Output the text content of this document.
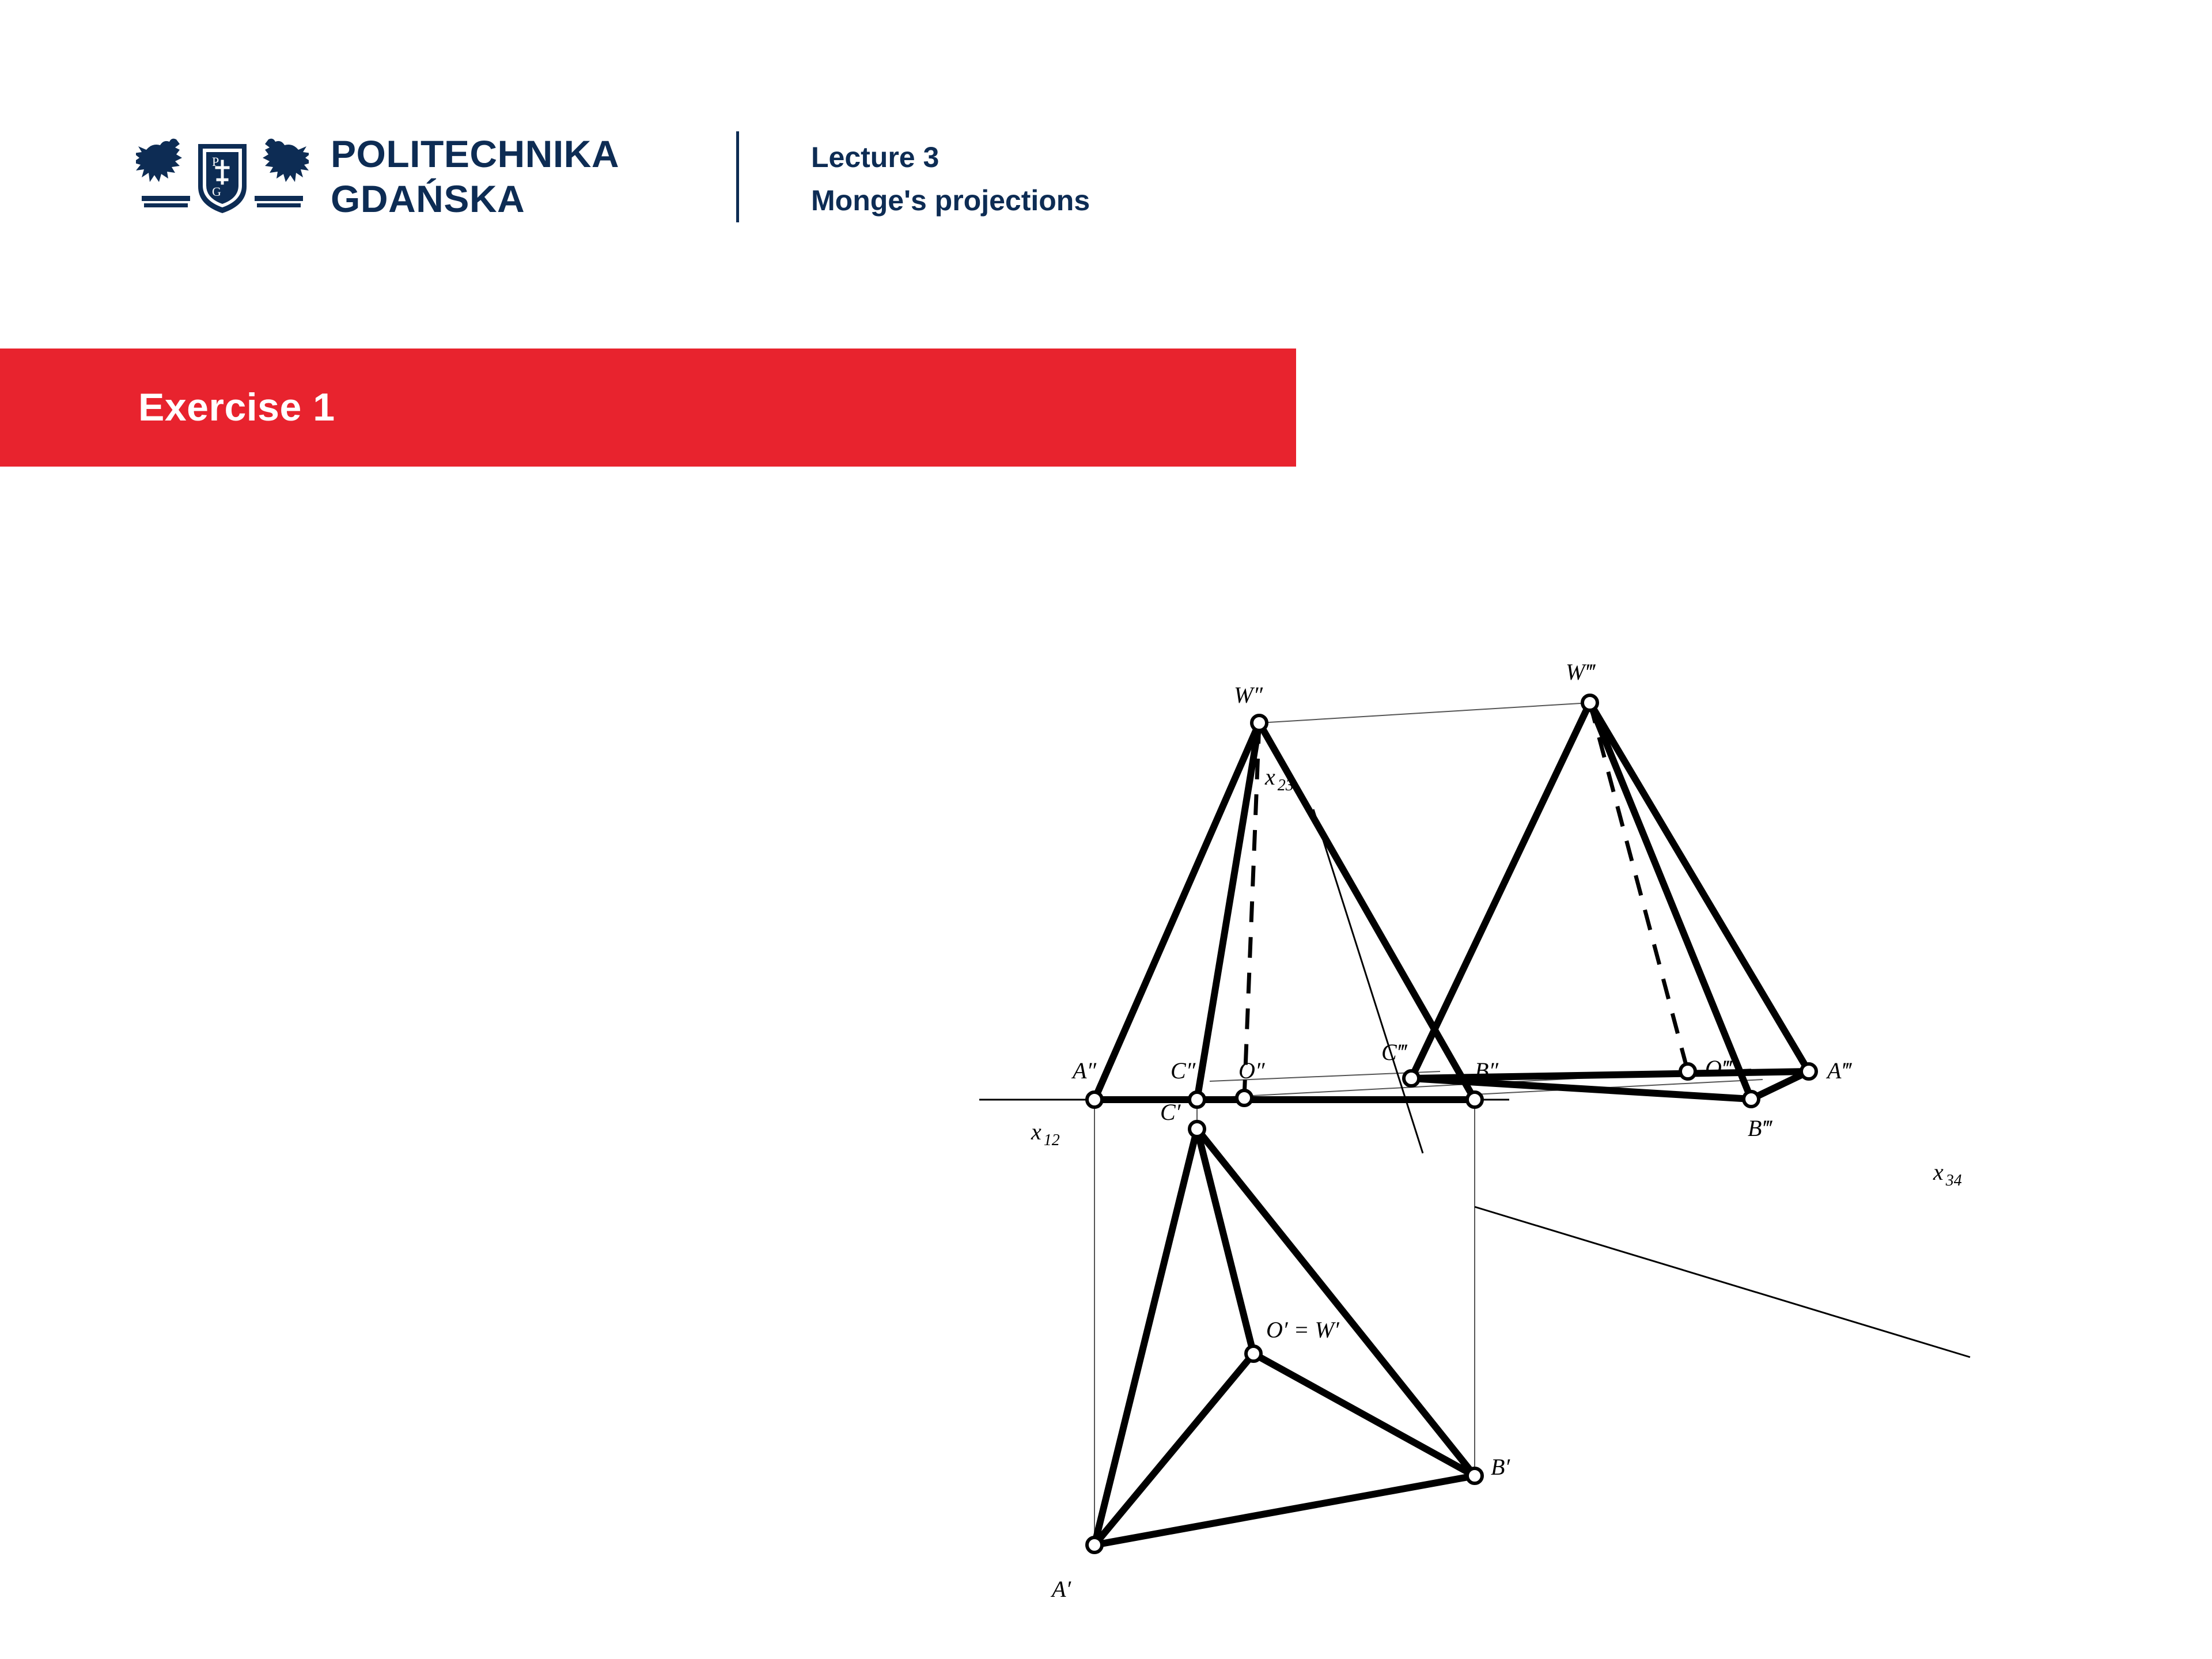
P
G
POLITECHNIKA
GDAŃSKA
Lecture 3
Monge's projections
Exercise 1
x $_{12}$
x $_{23}$
x $_{34}$
A″	C″ O″	B″
W″
A‴
B‴
C‴
O‴
W‴
C′
A′
B′
O′ = W′
